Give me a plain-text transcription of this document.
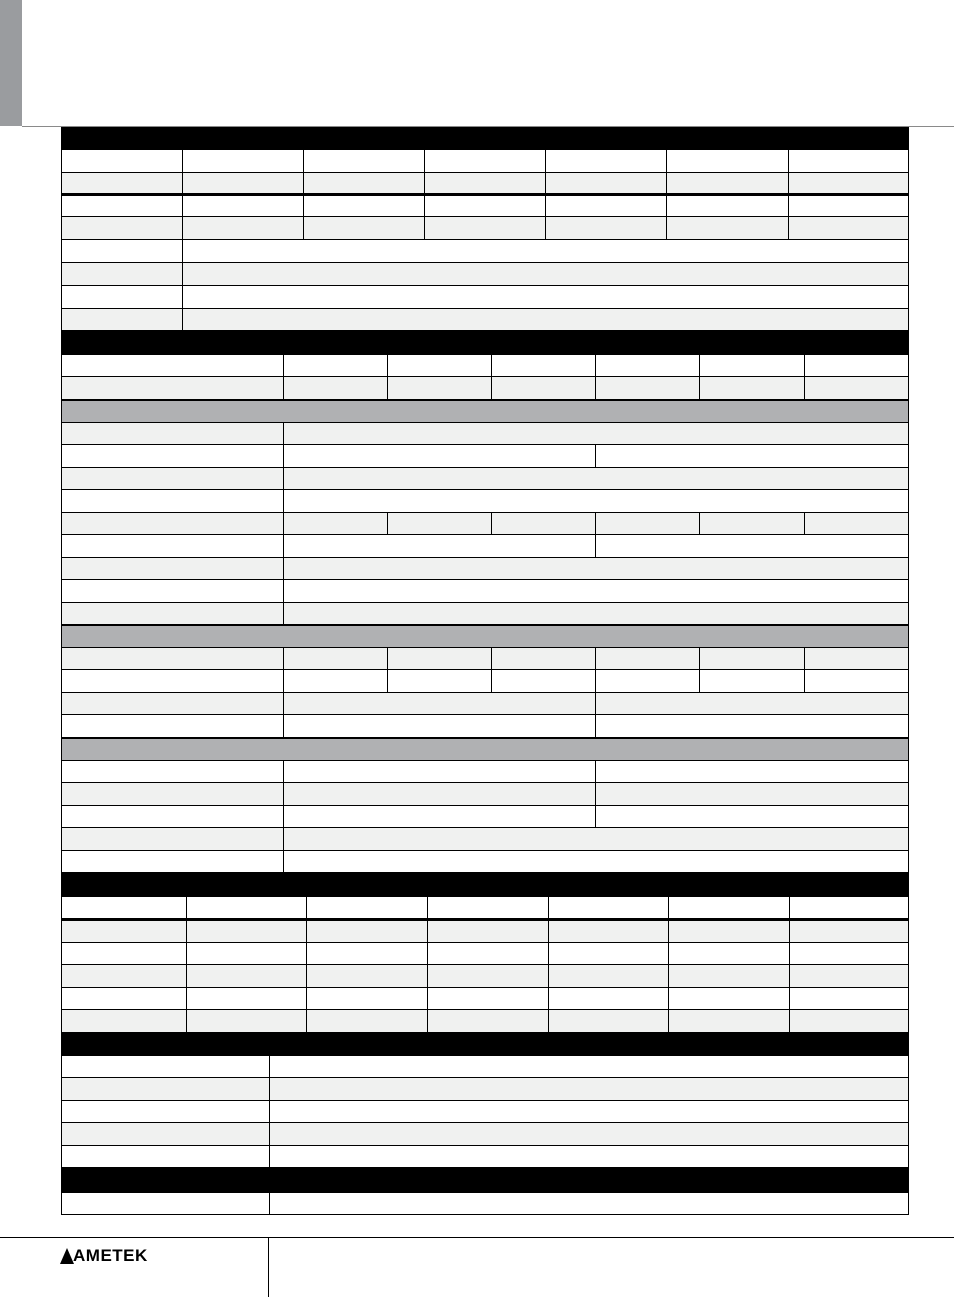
AMETEK
